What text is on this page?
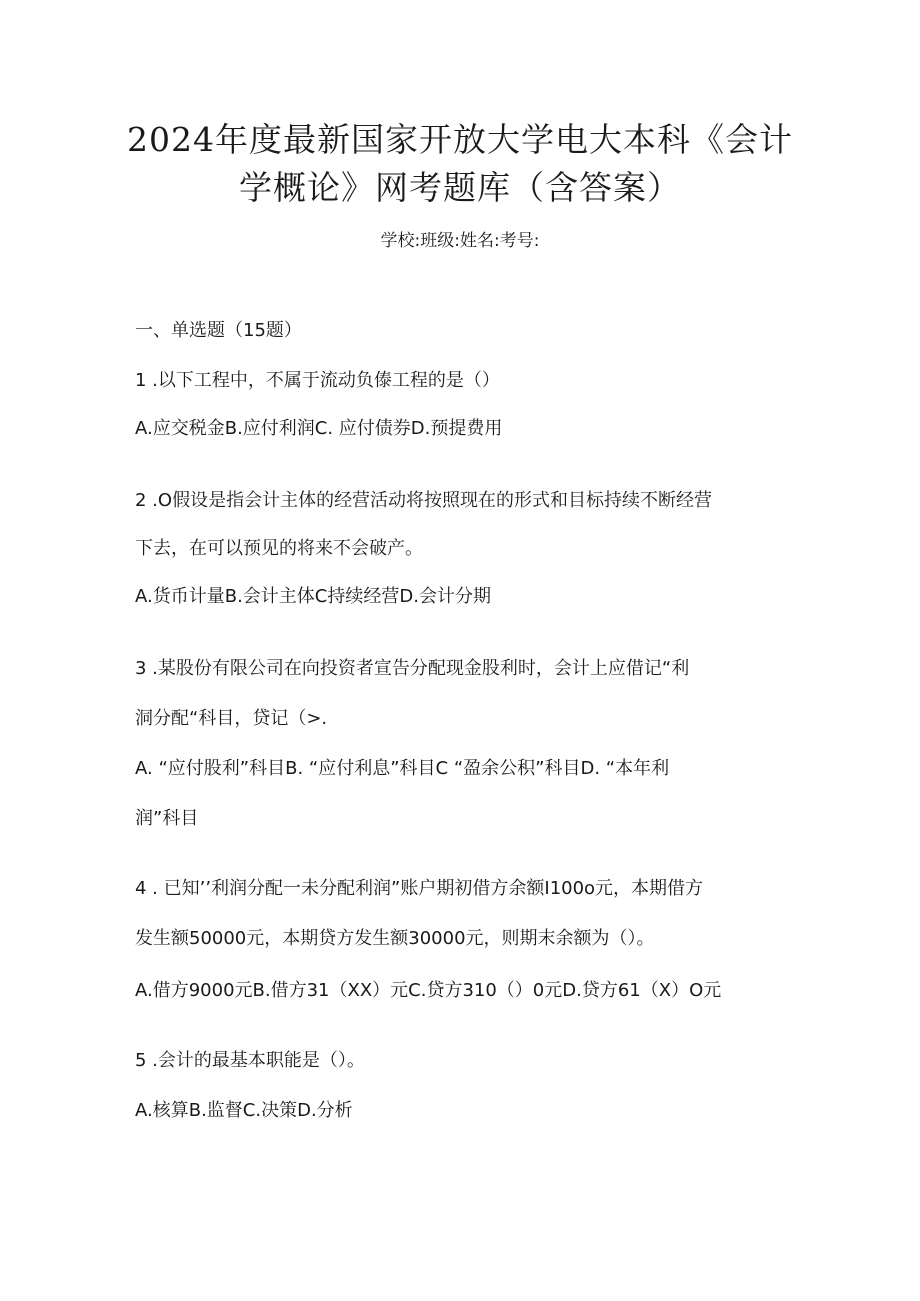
2024年度最新国家开放大学电大本科《会计
学概论》网考题库（含答案）
学校:班级:姓名:考号:

一、单选题（15题）

1 .以下工程中，不属于流动负傣工程的是（）

A.应交税金B.应付利润C. 应付债券D.预提费用

2 .O假设是指会计主体的经营活动将按照现在的形式和目标持续不断经营

下去，在可以预见的将来不会破产。

A.货币计量B.会计主体C持续经营D.会计分期

3 .某股份有限公司在向投资者宣告分配现金股利时，会计上应借记“利

洞分配“科目，贷记（>.

A. “应付股利”科目B. “应付利息”科目C “盈余公积”科目D. “本年利

润”科目

4 . 已知’’利润分配一未分配利润”账户期初借方余额I100o元，本期借方

发生额50000元，本期贷方发生额30000元，则期末余额为（）。

A.借方9000元B.借方31（XX）元C.贷方310（）0元D.贷方61（X）O元

5 .会计的最基本职能是（）。

A.核算B.监督C.决策D.分析
